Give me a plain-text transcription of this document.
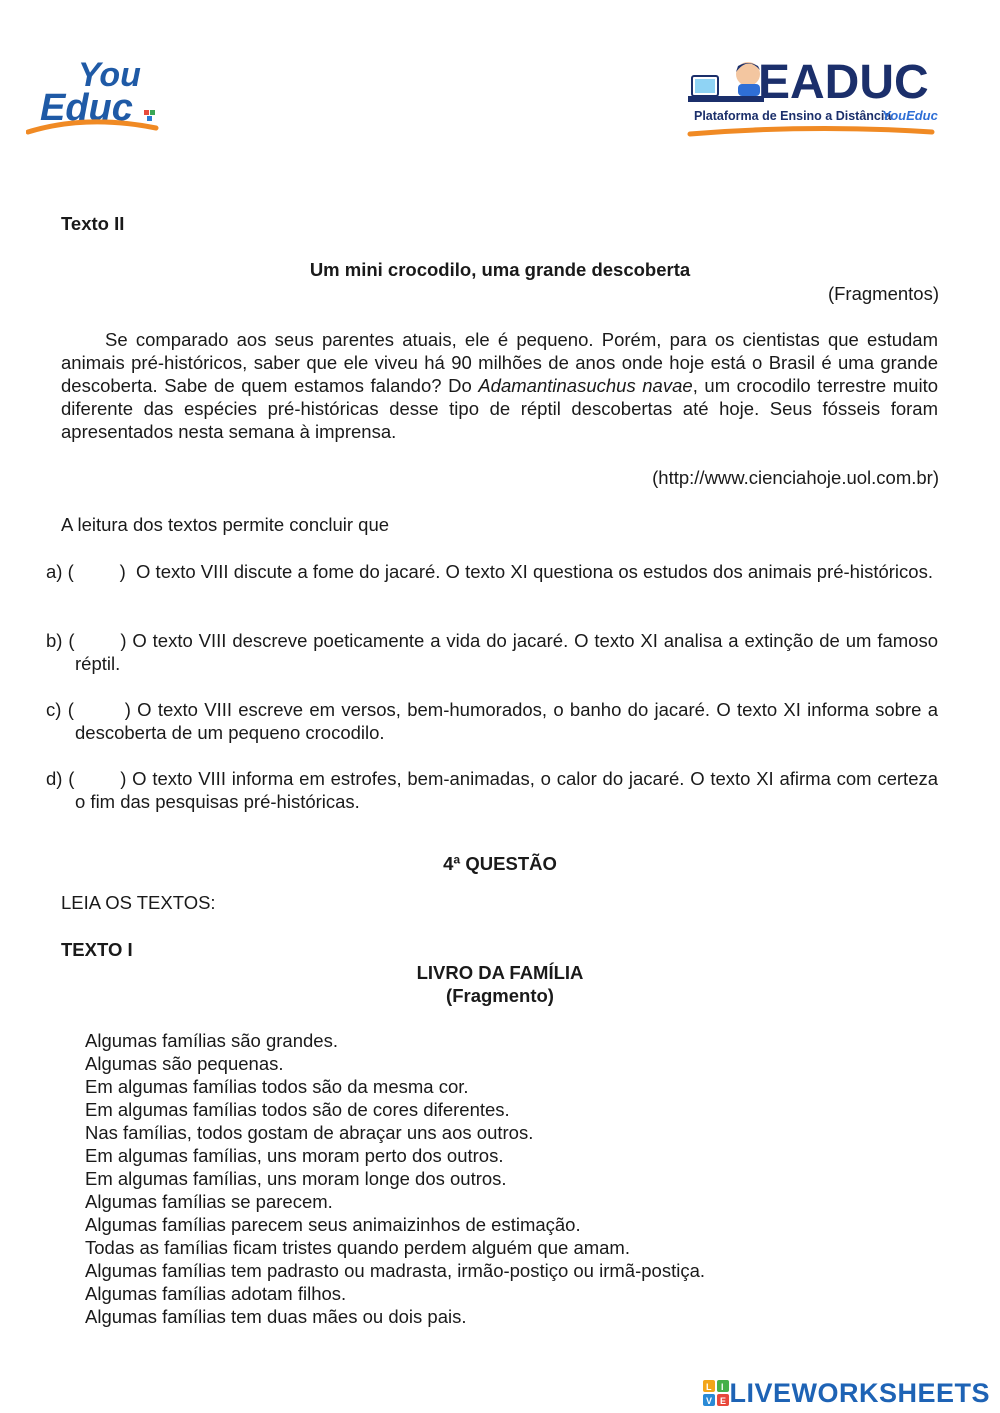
You
Educ	EADUC
Plataforma de Ensino a Distância
YouEduc
Texto II
Um mini crocodilo, uma grande descoberta
(Fragmentos)
Se comparado aos seus parentes atuais, ele é pequeno. Porém, para os cientistas que estudam animais pré-históricos, saber que ele viveu há 90 milhões de anos onde hoje está o Brasil é uma grande descoberta. Sabe de quem estamos falando? Do Adamantinasuchus navae, um crocodilo terrestre muito diferente das espécies pré-históricas desse tipo de réptil descobertas até hoje. Seus fósseis foram apresentados nesta semana à imprensa.
(http://www.cienciahoje.uol.com.br)
A leitura dos textos permite concluir que
a) ( ) O texto VIII discute a fome do jacaré. O texto XI questiona os estudos dos animais pré-históricos.
b) ( ) O texto VIII descreve poeticamente a vida do jacaré. O texto XI analisa a extinção de um famoso réptil.
c) (	) O texto VIII escreve em versos, bem-humorados, o banho do jacaré. O texto XI informa sobre a descoberta de um pequeno crocodilo.
d) ( ) O texto VIII informa em estrofes, bem-animadas, o calor do jacaré. O texto XI afirma com certeza o fim das pesquisas pré-históricas.
4ª QUESTÃO
LEIA OS TEXTOS:
TEXTO I
LIVRO DA FAMÍLIA
(Fragmento)
Algumas famílias são grandes.
Algumas são pequenas.
Em algumas famílias todos são da mesma cor.
Em algumas famílias todos são de cores diferentes.
Nas famílias, todos gostam de abraçar uns aos outros.
Em algumas famílias, uns moram perto dos outros.
Em algumas famílias, uns moram longe dos outros.
Algumas famílias se parecem.
Algumas famílias parecem seus animaizinhos de estimação.
Todas as famílias ficam tristes quando perdem alguém que amam.
Algumas famílias tem padrasto ou madrasta, irmão-postiço ou irmã-postiça.
Algumas famílias adotam filhos.
Algumas famílias tem duas mães ou dois pais.
L I
V E LIVEWORKSHEETS
